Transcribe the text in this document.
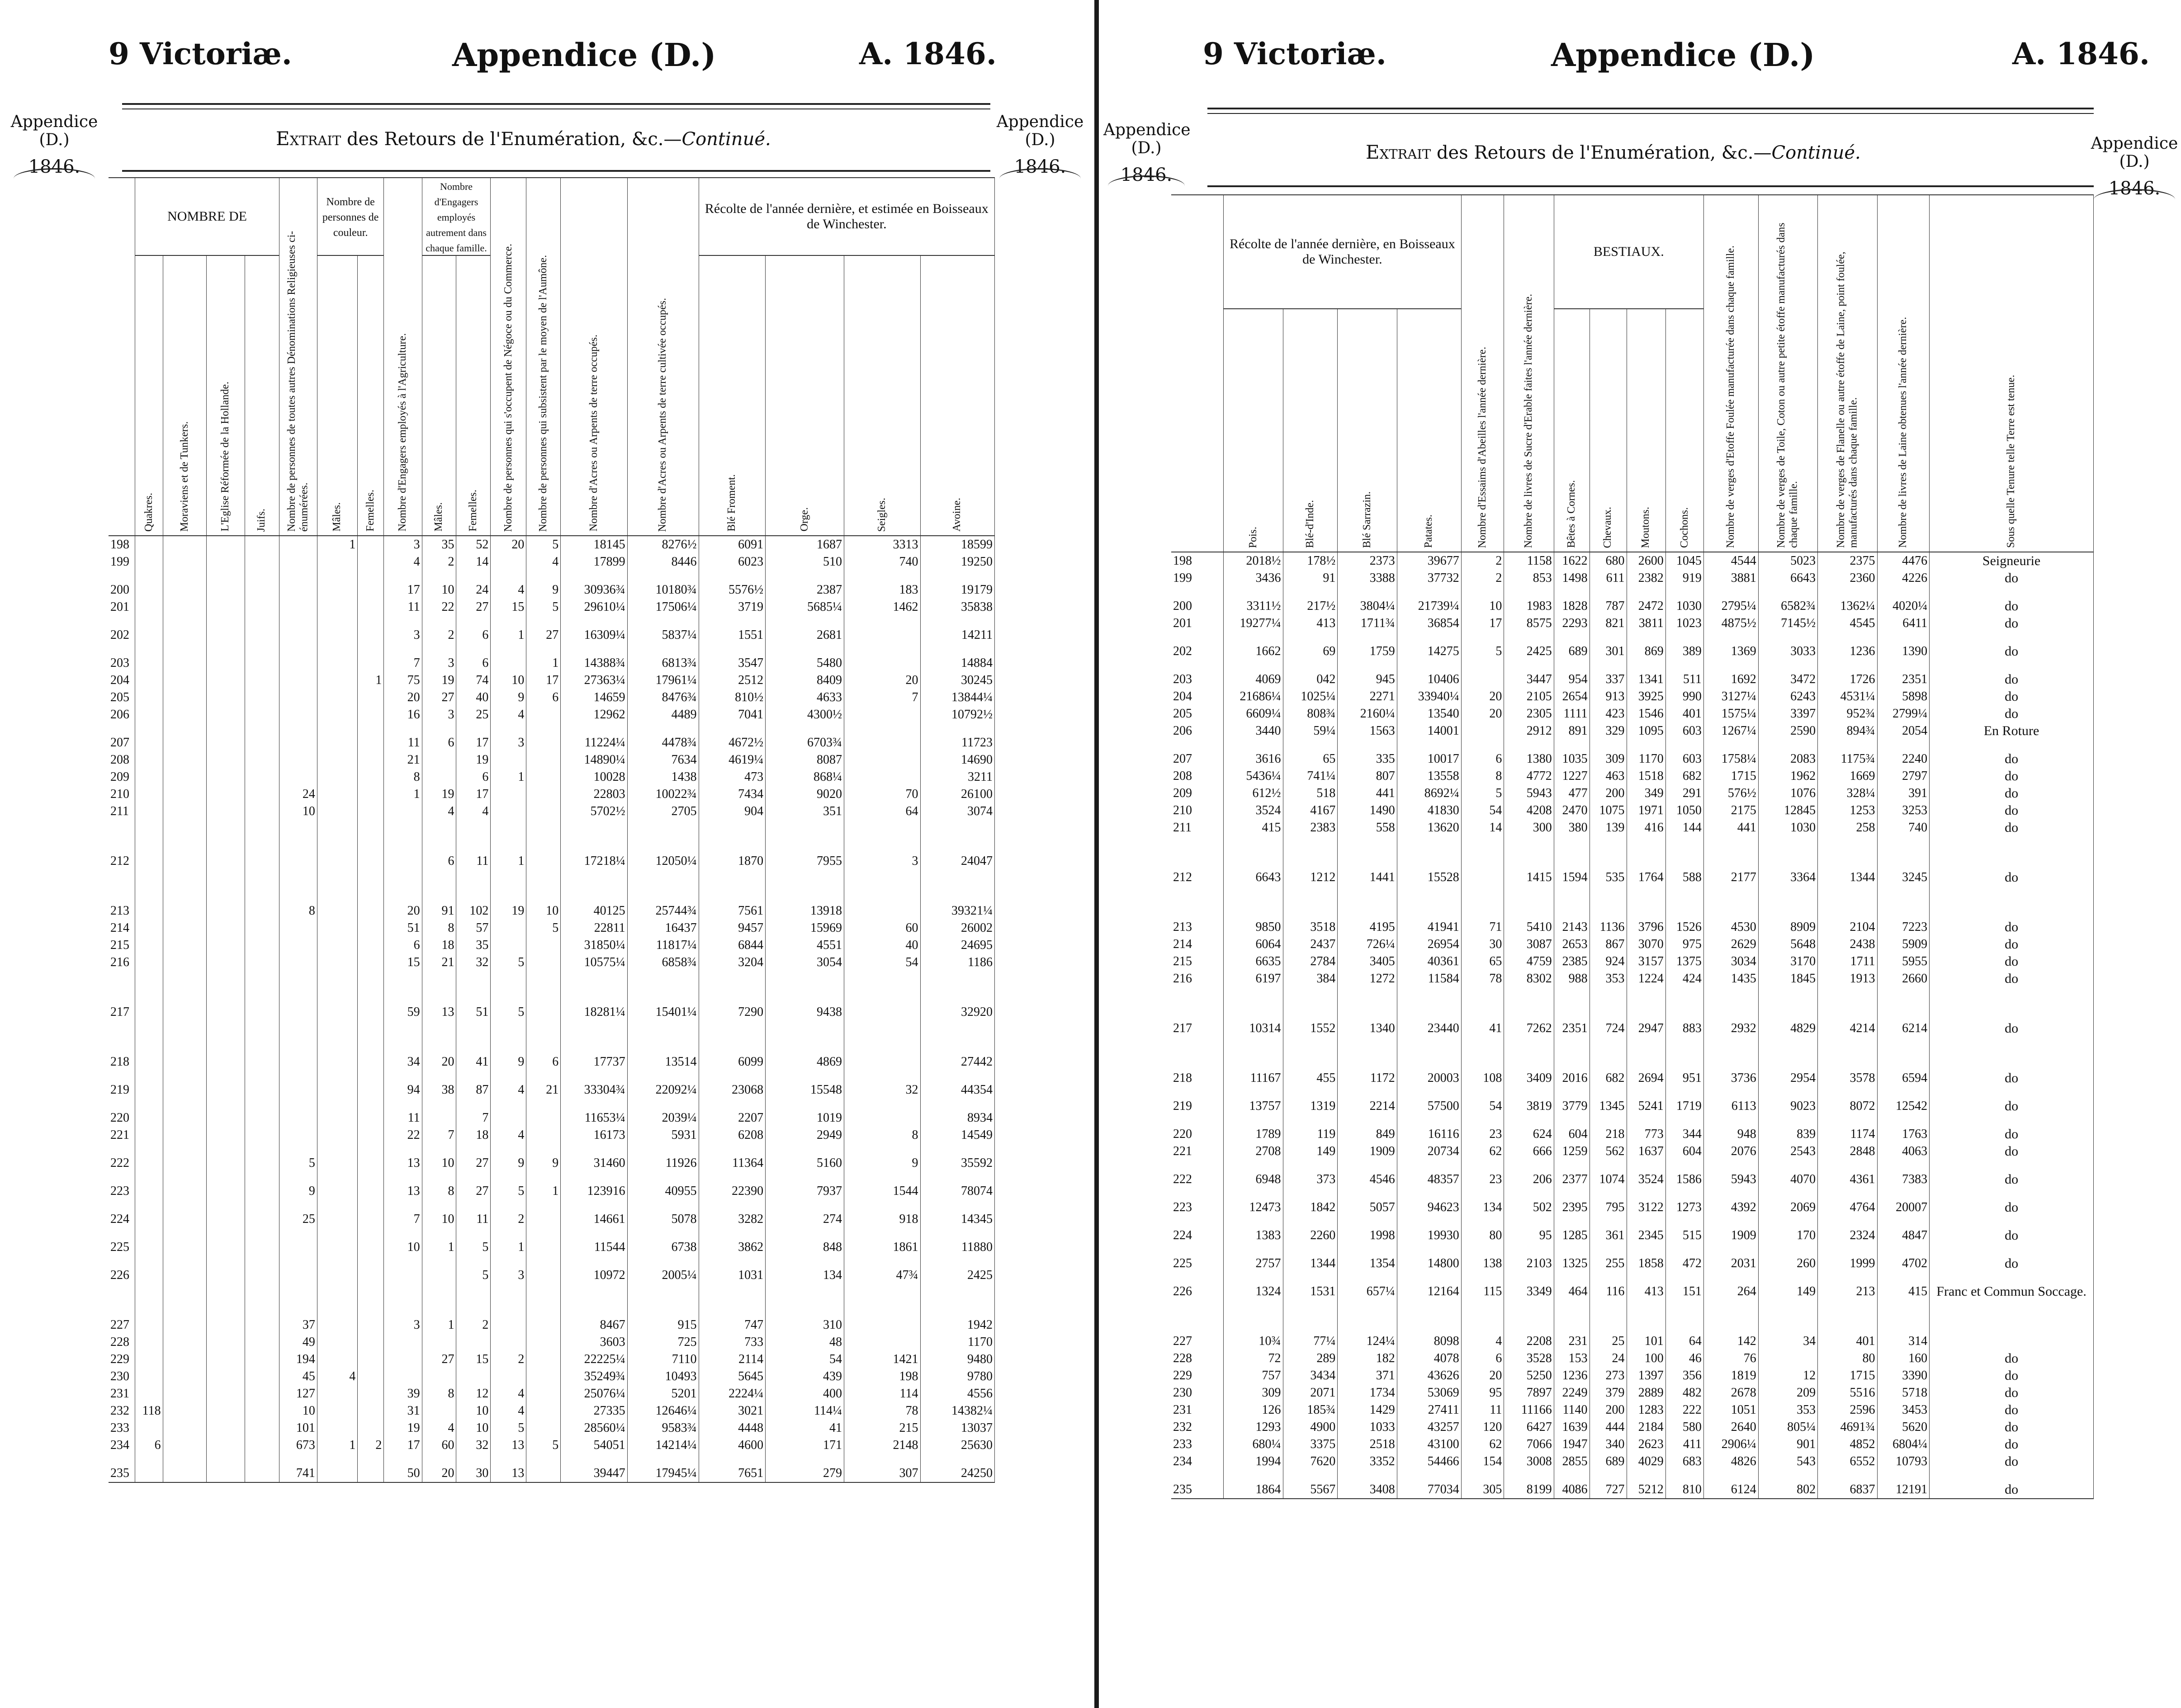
9 Victoriæ.	Appendice (D.)	A. 1846.
Appendice
(D.)
1846.
Appendice
(D.)
1846.
Extrait des Retours de l'Enumération, &c.—Continué.
	NOMBRE DE				Nombre de personnes de toutes autres Dénominations Religieuses ci-énumérées.	Nombre de personnes de couleur.		Nombre d'Engagers employés à l'Agriculture.	Nombre d'Engagers employés autrement dans chaque famille.		Nombre de personnes qui s'occupent de Négoce ou du Commerce.	Nombre de personnes qui subsistent par le moyen de l'Aumône.	Nombre d'Acres ou Arpents de terre occupés.	Nombre d'Acres ou Arpents de terre cultivée occupés.	Récolte de l'année dernière, et estimée en Boisseaux de Winchester.			

	Quakres.	Moraviens et de Tunkers.	L'Eglise Réformée de la Hollande.	Juifs.		Mâles.	Femelles.		Mâles.	Femelles.					Blé Froment.	Orge.	Seigles.	Avoine.

198						1		3	35	52	20	5	18145	8276½	6091	1687	3313	18599
199								4	2	14		4	17899	8446	6023	510	740	19250
200								17	10	24	4	9	30936¾	10180¾	5576½	2387	183	19179
201								11	22	27	15	5	29610¼	17506¼	3719	5685¼	1462	35838
202								3	2	6	1	27	16309¼	5837¼	1551	2681		14211
203								7	3	6		1	14388¾	6813¾	3547	5480		14884
204							1	75	19	74	10	17	27363¼	17961¼	2512	8409	20	30245
205								20	27	40	9	6	14659	8476¾	810½	4633	7	13844¼
206								16	3	25	4		12962	4489	7041	4300½		10792½
207								11	6	17	3		11224¼	4478¾	4672½	6703¾		11723
208								21		19			14890¼	7634	4619¼	8087		14690
209								8		6	1		10028	1438	473	868¼		3211
210					24			1	19	17			22803	10022¾	7434	9020	70	26100
211					10				4	4			5702½	2705	904	351	64	3074
212									6	11	1		17218¼	12050¼	1870	7955	3	24047
213					8			20	91	102	19	10	40125	25744¾	7561	13918		39321¼
214								51	8	57		5	22811	16437	9457	15969	60	26002
215								6	18	35			31850¼	11817¼	6844	4551	40	24695
216								15	21	32	5		10575¼	6858¾	3204	3054	54	1186
217								59	13	51	5		18281¼	15401¼	7290	9438		32920
218								34	20	41	9	6	17737	13514	6099	4869		27442
219								94	38	87	4	21	33304¾	22092¼	23068	15548	32	44354
220								11		7			11653¼	2039¼	2207	1019		8934
221								22	7	18	4		16173	5931	6208	2949	8	14549
222					5			13	10	27	9	9	31460	11926	11364	5160	9	35592
223					9			13	8	27	5	1	123916	40955	22390	7937	1544	78074
224					25			7	10	11	2		14661	5078	3282	274	918	14345
225								10	1	5	1		11544	6738	3862	848	1861	11880
226										5	3		10972	2005¼	1031	134	47¾	2425
227					37			3	1	2			8467	915	747	310		1942
228					49								3603	725	733	48		1170
229					194				27	15	2		22225¼	7110	2114	54	1421	9480
230					45	4							35249¾	10493	5645	439	198	9780
231					127			39	8	12	4		25076¼	5201	2224¼	400	114	4556
232	118				10			31		10	4		27335	12646¼	3021	114¼	78	14382¼
233					101			19	4	10	5		28560¼	9583¾	4448	41	215	13037
234	6				673	1	2	17	60	32	13	5	54051	14214¼	4600	171	2148	25630
235					741			50	20	30	13		39447	17945¼	7651	279	307	24250
9 Victoriæ.	Appendice (D.)	A. 1846.
Appendice
(D.)
1846.
Appendice
(D.)
1846.
Extrait des Retours de l'Enumération, &c.—Continué.
	Récolte de l'année dernière, en Boisseaux de Winchester.				Nombre d'Essaims d'Abeilles l'année dernière.	Nombre de livres de Sucre d'Erable faites l'année dernière.	BESTIAUX.				Nombre de verges d'Etoffe Foulée manufacturée dans chaque famille.	Nombre de verges de Toile, Coton ou autre petite étoffe manufacturés dans chaque famille.	Nombre de verges de Flanelle ou autre étoffe de Laine, point foulée, manufacturés dans chaque famille.	Nombre de livres de Laine obtenues l'année dernière.	Sous quelle Tenure telle Terre est tenue.

	Pois.	Blé-d'Inde.	Blé Sarrazin.	Patates.			Bêtes à Cornes.	Chevaux.	Moutons.	Cochons.					

198	2018½	178½	2373	39677	2	1158	1622	680	2600	1045	4544	5023	2375	4476	Seigneurie
199	3436	91	3388	37732	2	853	1498	611	2382	919	3881	6643	2360	4226	do
200	3311½	217½	3804¼	21739¼	10	1983	1828	787	2472	1030	2795¼	6582¾	1362¼	4020¼	do
201	19277¼	413	1711¾	36854	17	8575	2293	821	3811	1023	4875½	7145½	4545	6411	do
202	1662	69	1759	14275	5	2425	689	301	869	389	1369	3033	1236	1390	do
203	4069	042	945	10406		3447	954	337	1341	511	1692	3472	1726	2351	do
204	21686¼	1025¼	2271	33940¼	20	2105	2654	913	3925	990	3127¼	6243	4531¼	5898	do
205	6609¼	808¾	2160¼	13540	20	2305	1111	423	1546	401	1575¼	3397	952¾	2799¼	do
206	3440	59¼	1563	14001		2912	891	329	1095	603	1267¼	2590	894¾	2054	En Roture
207	3616	65	335	10017	6	1380	1035	309	1170	603	1758¼	2083	1175¾	2240	do
208	5436¼	741¼	807	13558	8	4772	1227	463	1518	682	1715	1962	1669	2797	do
209	612½	518	441	8692¼	5	5943	477	200	349	291	576½	1076	328¼	391	do
210	3524	4167	1490	41830	54	4208	2470	1075	1971	1050	2175	12845	1253	3253	do
211	415	2383	558	13620	14	300	380	139	416	144	441	1030	258	740	do
212	6643	1212	1441	15528		1415	1594	535	1764	588	2177	3364	1344	3245	do
213	9850	3518	4195	41941	71	5410	2143	1136	3796	1526	4530	8909	2104	7223	do
214	6064	2437	726¼	26954	30	3087	2653	867	3070	975	2629	5648	2438	5909	do
215	6635	2784	3405	40361	65	4759	2385	924	3157	1375	3034	3170	1711	5955	do
216	6197	384	1272	11584	78	8302	988	353	1224	424	1435	1845	1913	2660	do
217	10314	1552	1340	23440	41	7262	2351	724	2947	883	2932	4829	4214	6214	do
218	11167	455	1172	20003	108	3409	2016	682	2694	951	3736	2954	3578	6594	do
219	13757	1319	2214	57500	54	3819	3779	1345	5241	1719	6113	9023	8072	12542	do
220	1789	119	849	16116	23	624	604	218	773	344	948	839	1174	1763	do
221	2708	149	1909	20734	62	666	1259	562	1637	604	2076	2543	2848	4063	do
222	6948	373	4546	48357	23	206	2377	1074	3524	1586	5943	4070	4361	7383	do
223	12473	1842	5057	94623	134	502	2395	795	3122	1273	4392	2069	4764	20007	do
224	1383	2260	1998	19930	80	95	1285	361	2345	515	1909	170	2324	4847	do
225	2757	1344	1354	14800	138	2103	1325	255	1858	472	2031	260	1999	4702	do
226	1324	1531	657¼	12164	115	3349	464	116	413	151	264	149	213	415	Franc et Commun Soccage.
227	10¾	77¼	124¼	8098	4	2208	231	25	101	64	142	34	401	314	
228	72	289	182	4078	6	3528	153	24	100	46	76		80	160	do
229	757	3434	371	43626	20	5250	1236	273	1397	356	1819	12	1715	3390	do
230	309	2071	1734	53069	95	7897	2249	379	2889	482	2678	209	5516	5718	do
231	126	185¾	1429	27411	11	11166	1140	200	1283	222	1051	353	2596	3453	do
232	1293	4900	1033	43257	120	6427	1639	444	2184	580	2640	805¼	4691¾	5620	do
233	680¼	3375	2518	43100	62	7066	1947	340	2623	411	2906¼	901	4852	6804¼	do
234	1994	7620	3352	54466	154	3008	2855	689	4029	683	4826	543	6552	10793	do
235	1864	5567	3408	77034	305	8199	4086	727	5212	810	6124	802	6837	12191	do
